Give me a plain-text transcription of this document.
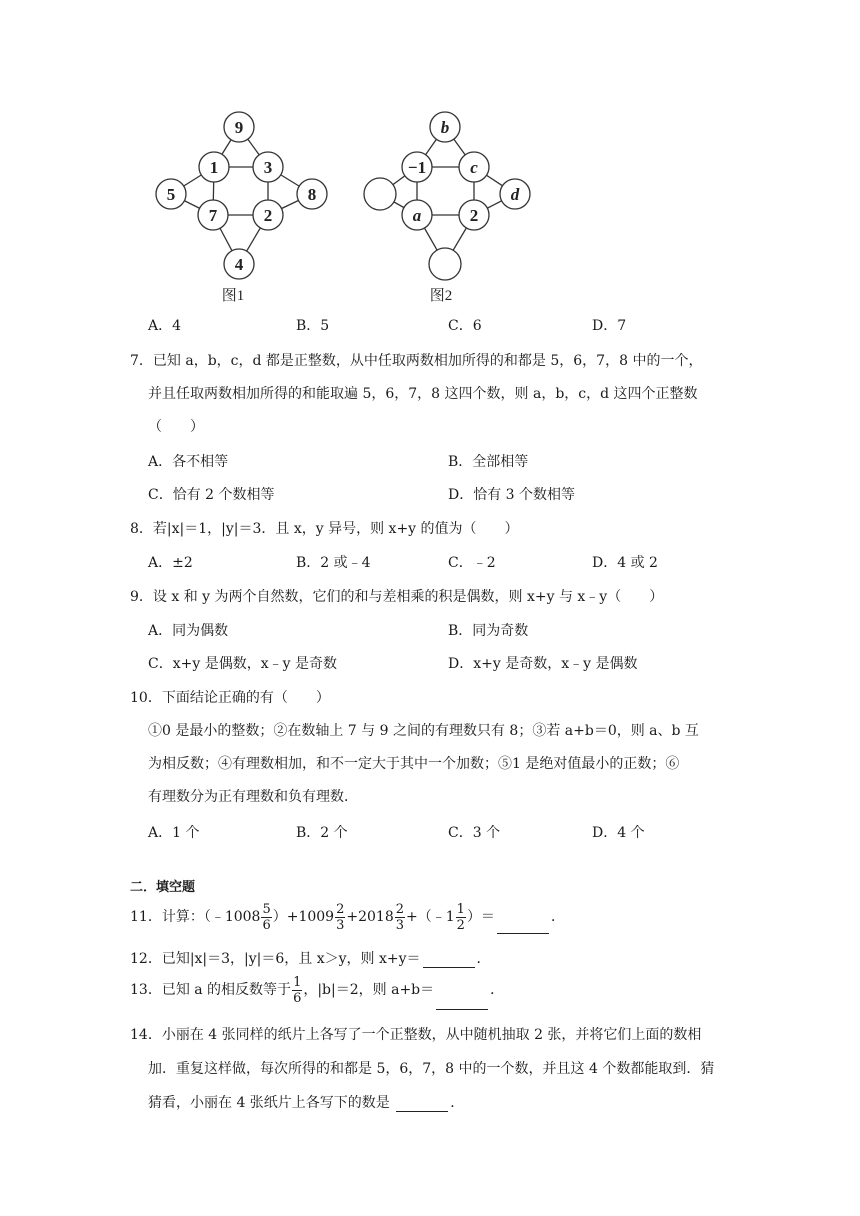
9
1	3
7	2
5	8
4
图1
b
−1	c
a	2
d
图2
A．4	B．5	C．6	D．7
7．已知 a，b，c，d 都是正整数，从中任取两数相加所得的和都是 5，6，7，8 中的一个，
并且任取两数相加所得的和能取遍 5，6，7，8 这四个数，则 a，b，c，d 这四个正整数
（　　）
A．各不相等	B．全部相等
C．恰有 2 个数相等	D．恰有 3 个数相等
8．若|x|＝1，|y|＝3．且 x，y 异号，则 x+y 的值为（　　）
A．±2	B．2 或﹣4	C．﹣2	D．4 或 2
9．设 x 和 y 为两个自然数，它们的和与差相乘的积是偶数，则 x+y 与 x﹣y（　　）
A．同为偶数	B．同为奇数
C．x+y 是偶数，x﹣y 是奇数	D．x+y 是奇数，x﹣y 是偶数
10．下面结论正确的有（　　）
①0 是最小的整数；②在数轴上 7 与 9 之间的有理数只有 8；③若 a+b＝0，则 a、b 互
为相反数；④有理数相加，和不一定大于其中一个加数；⑤1 是绝对值最小的正数；⑥
有理数分为正有理数和负有理数．
A．1 个	B．2 个	C．3 个	D．4 个
二．填空题
11．计算：（﹣1008 $\frac{5}{6} )+1009 \frac{2}{3} +2018 \frac{2}{3}$ +（﹣1 $\frac{1}{2}$ ）＝	．
12．已知|x|＝3，|y|＝6，且 x＞y，则 x+y＝	．
13．已知 a 的相反数等于 $\frac{1}{6}$ ，|b|＝2，则 a+b＝	．
14．小丽在 4 张同样的纸片上各写了一个正整数，从中随机抽取 2 张，并将它们上面的数相
加．重复这样做，每次所得的和都是 5，6，7，8 中的一个数，并且这 4 个数都能取到．猜
猜看，小丽在 4 张纸片上各写下的数是	．
